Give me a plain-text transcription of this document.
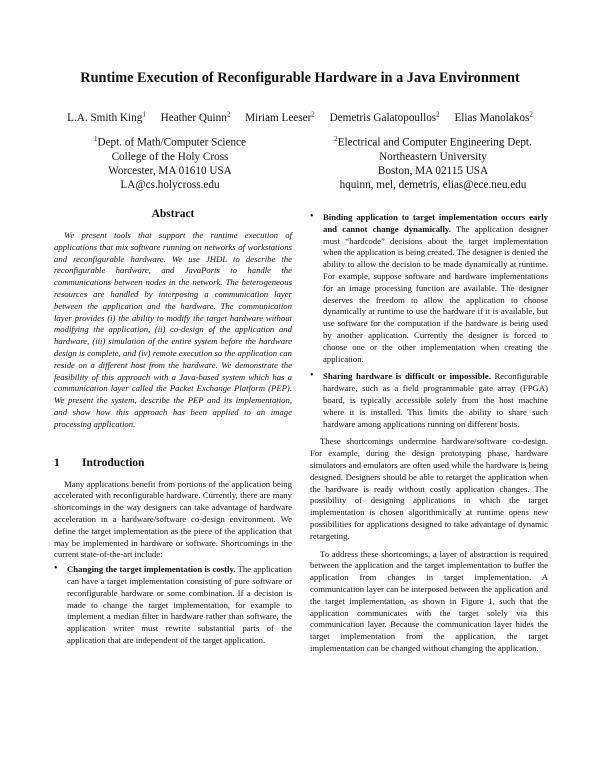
Runtime Execution of Reconfigurable Hardware in a Java Environment
L.A. Smith King$^1$ Heather Quinn$^2$ Miriam Leeser$^2$ Demetris Galatopoullos$^2$ Elias Manolakos$^2$
$^1$Dept. of Math/Computer Science
College of the Holy Cross
Worcester, MA 01610 USA
LA@cs.holycross.edu
$^2$Electrical and Computer Engineering Dept.
Northeastern University
Boston, MA 02115 USA
hquinn, mel, demetris, elias@ece.neu.edu
Abstract

We present tools that support the runtime execution of applications that mix software running on networks of workstations and reconfigurable hardware. We use JHDL to describe the reconfigurable hardware, and JavaPorts to handle the communications between nodes in the network. The heterogeneous resources are handled by interposing a communication layer between the application and the hardware. The communication layer provides (i) the ability to modify the target hardware without modifying the application, (ii) co-design of the application and hardware, (iii) simulation of the entire system before the hardware design is complete, and (iv) remote execution so the application can reside on a different host from the hardware. We demonstrate the feasibility of this approach with a Java-based system which has a communication layer called the Packet Exchange Platform (PEP). We present the system, describe the PEP and its implementation, and show how this approach has been applied to an image processing application.

1 Introduction

Many applications benefit from portions of the application being accelerated with reconfigurable hardware. Currently, there are many shortcomings in the way designers can take advantage of hardware acceleration in a hardware/software co-design environment. We define the target implementation as the piece of the application that may be implemented in hardware or software. Shortcomings in the current state-of-the-art include:

• Changing the target implementation is costly. The application can have a target implementation consisting of pure software or reconfigurable hardware or some combination. If a decision is made to change the target implementation, for example to implement a median filter in hardware rather than software, the application writer must rewrite substantial parts of the application that are independent of the target application.

• Binding application to target implementation occurs early and cannot change dynamically. The application designer must “hardcode” decisions about the target implementation when the application is being created. The designer is denied the ability to allow the decision to be made dynamically at runtime. For example, suppose software and hardware implementations for an image processing function are available. The designer deserves the freedom to allow the application to choose dynamically at runtime to use the hardware if it is available, but use software for the computation if the hardware is being used by another application. Currently the designer is forced to choose one or the other implementation when creating the application.

• Sharing hardware is difficult or impossible. Reconfigurable hardware, such as a field programmable gate array (FPGA) board, is typically accessible solely from the host machine where it is installed. This limits the ability to share such hardware among applications running on different hosts.

These shortcomings undermine hardware/software co-design. For example, during the design prototyping phase, hardware simulators and emulators are often used while the hardware is being designed. Designers should be able to retarget the application when the hardware is ready without costly application changes. The possibility of designing applications in which the target implementation is chosen algorithmically at runtime opens new possibilities for applications designed to take advantage of dynamic retargeting.

To address these shortcomings, a layer of abstraction is required between the application and the target implementation to buffer the application from changes in target implementation. A communication layer can be interposed between the application and the target implementation, as shown in Figure 1, such that the application communicates with the target solely via this communication layer. Because the communication layer hides the target implementation from the application, the target implementation can be changed without changing the application.
